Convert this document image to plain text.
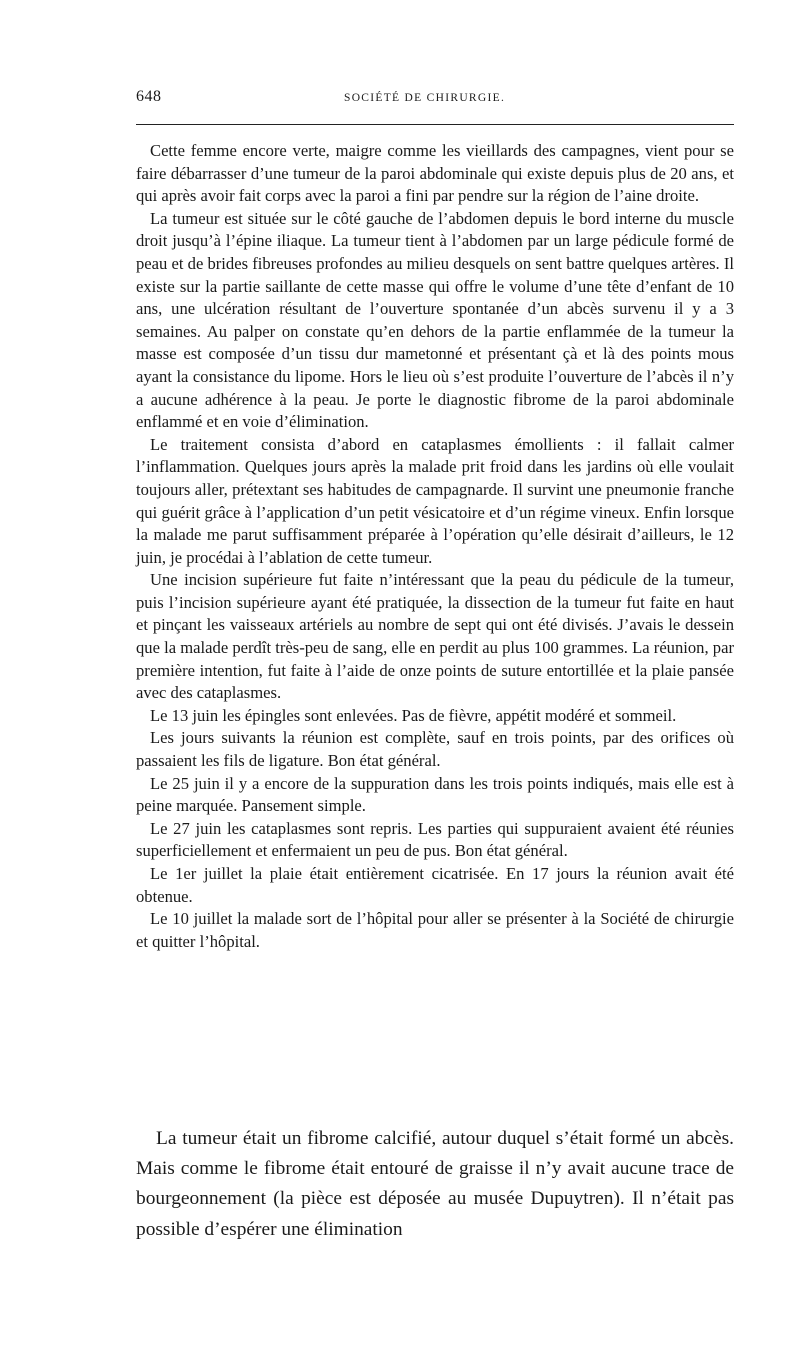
648	SOCIÉTÉ DE CHIRURGIE.

Cette femme encore verte, maigre comme les vieillards des campagnes, vient pour se faire débarrasser d’une tumeur de la paroi abdominale qui existe depuis plus de 20 ans, et qui après avoir fait corps avec la paroi a fini par pendre sur la région de l’aine droite.

La tumeur est située sur le côté gauche de l’abdomen depuis le bord interne du muscle droit jusqu’à l’épine iliaque. La tumeur tient à l’abdomen par un large pédicule formé de peau et de brides fibreuses profondes au milieu desquels on sent battre quelques artères. Il existe sur la partie saillante de cette masse qui offre le volume d’une tête d’enfant de 10 ans, une ulcération résultant de l’ouverture spontanée d’un abcès survenu il y a 3 semaines. Au palper on constate qu’en dehors de la partie enflammée de la tumeur la masse est composée d’un tissu dur mametonné et présentant çà et là des points mous ayant la consistance du lipome. Hors le lieu où s’est produite l’ouverture de l’abcès il n’y a aucune adhérence à la peau. Je porte le diagnostic fibrome de la paroi abdominale enflammé et en voie d’élimination.

Le traitement consista d’abord en cataplasmes émollients : il fallait calmer l’inflammation. Quelques jours après la malade prit froid dans les jardins où elle voulait toujours aller, prétextant ses habitudes de campagnarde. Il survint une pneumonie franche qui guérit grâce à l’application d’un petit vésicatoire et d’un régime vineux. Enfin lorsque la malade me parut suffisamment préparée à l’opération qu’elle désirait d’ailleurs, le 12 juin, je procédai à l’ablation de cette tumeur.

Une incision supérieure fut faite n’intéressant que la peau du pédicule de la tumeur, puis l’incision supérieure ayant été pratiquée, la dissection de la tumeur fut faite en haut et pinçant les vaisseaux artériels au nombre de sept qui ont été divisés. J’avais le dessein que la malade perdît très-peu de sang, elle en perdit au plus 100 grammes. La réunion, par première intention, fut faite à l’aide de onze points de suture entortillée et la plaie pansée avec des cataplasmes.

Le 13 juin les épingles sont enlevées. Pas de fièvre, appétit modéré et sommeil.

Les jours suivants la réunion est complète, sauf en trois points, par des orifices où passaient les fils de ligature. Bon état général.

Le 25 juin il y a encore de la suppuration dans les trois points indiqués, mais elle est à peine marquée. Pansement simple.

Le 27 juin les cataplasmes sont repris. Les parties qui suppuraient avaient été réunies superficiellement et enfermaient un peu de pus. Bon état général.

Le 1er juillet la plaie était entièrement cicatrisée. En 17 jours la réunion avait été obtenue.

Le 10 juillet la malade sort de l’hôpital pour aller se présenter à la Société de chirurgie et quitter l’hôpital.

La tumeur était un fibrome calcifié, autour duquel s’était formé un abcès. Mais comme le fibrome était entouré de graisse il n’y avait aucune trace de bourgeonnement (la pièce est déposée au musée Dupuytren). Il n’était pas possible d’espérer une élimination
